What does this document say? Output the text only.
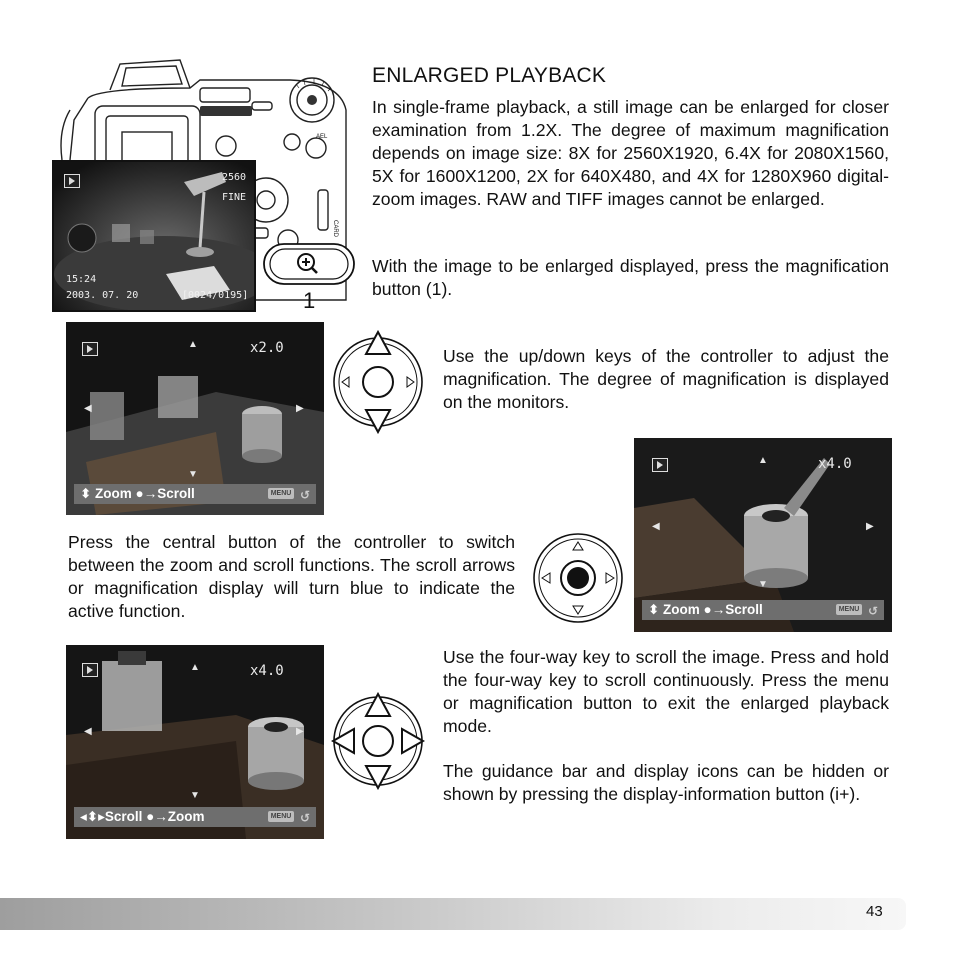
ENLARGED PLAYBACK
In single-frame playback, a still image can be enlarged for closer examination from 1.2X. The degree of maximum magnification depends on image size: 8X for 2560X1920, 6.4X for 2080X1560, 5X for 1600X1200, 2X for 640X480, and 4X for 1280X960 digital-zoom images. RAW and TIFF images cannot be enlarged.
With the image to be enlarged displayed, press the magnification button (1).
Use the up/down keys of the controller to adjust the magnification. The degree of magnification is displayed on the monitors.
Press the central button of the controller to switch between the zoom and scroll functions. The scroll arrows or magnification display will turn blue to indicate the active function.
Use the four-way key to scroll the image. Press and hold the four-way key to scroll continuously. Press the menu or magnification button to exit the enlarged playback mode.
The guidance bar and display icons can be hidden or shown by pressing the display-information button (i+).
AEL
CARD
2560
FINE
15:24
2003. 07. 20	[0024/0195] 1
▲
▼
◀	▶
x2.0
⬍ Zoom ●→Scroll	MENU ↺
▲
▼
◀	▶
x4.0
⬍ Zoom ●→Scroll	MENU ↺
▲
▼
◀	▶
x4.0
◂⬍▸Scroll ●→Zoom	MENU ↺
43
